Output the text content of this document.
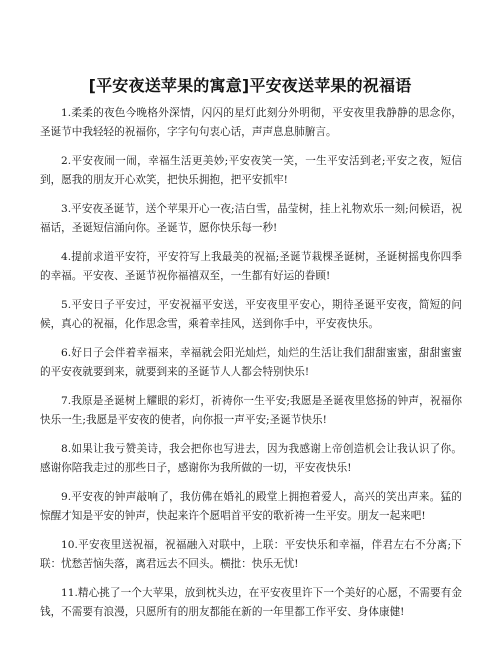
[平安夜送苹果的寓意]平安夜送苹果的祝福语

1.柔柔的夜色今晚格外深情，闪闪的星灯此刻分外明彻，平安夜里我静静的思念你，圣诞节中我轻轻的祝福你，字字句句衷心话，声声息息肺腑言。

2.平安夜闹一闹，幸福生活更美妙;平安夜笑一笑，一生平安活到老;平安之夜，短信到，愿我的朋友开心欢笑，把快乐拥抱，把平安抓牢!

3.平安夜圣诞节，送个苹果开心一夜;洁白雪，晶莹树，挂上礼物欢乐一刻;问候语，祝福话，圣诞短信涌向你。圣诞节，愿你快乐每一秒!

4.提前求道平安符，平安符写上我最美的祝福;圣诞节栽棵圣诞树，圣诞树摇曳你四季的幸福。平安夜、圣诞节祝你福禧双至，一生都有好运的眷顾!

5.平安日子平安过，平安祝福平安送，平安夜里平安心，期待圣诞平安夜，简短的问候，真心的祝福，化作思念雪，乘着幸挂风，送到你手中，平安夜快乐。

6.好日子会伴着幸福来，幸福就会阳光灿烂，灿烂的生活让我们甜甜蜜蜜，甜甜蜜蜜的平安夜就要到来，就要到来的圣诞节人人都会特别快乐!

7.我原是圣诞树上耀眼的彩灯，祈祷你一生平安;我愿是圣诞夜里悠扬的钟声，祝福你快乐一生;我愿是平安夜的使者，向你报一声平安;圣诞节快乐!

8.如果让我亏赞美诗，我会把你也写进去，因为我感谢上帝创造机会让我认识了你。感谢你陪我走过的那些日子，感谢你为我所做的一切，平安夜快乐!

9.平安夜的钟声敲响了，我仿佛在婚礼的殿堂上拥抱着爱人，高兴的笑出声来。猛的惊醒才知是平安的钟声，快起来许个愿唱首平安的歌祈祷一生平安。朋友一起来吧!

10.平安夜里送祝福，祝福融入对联中，上联：平安快乐和幸福，伴君左右不分离;下联：忧愁苦恼失落，离君远去不回头。横批：快乐无忧!

11.精心挑了一个大苹果，放到枕头边，在平安夜里许下一个美好的心愿，不需要有金钱，不需要有浪漫，只愿所有的朋友都能在新的一年里都工作平安、身体康健!
